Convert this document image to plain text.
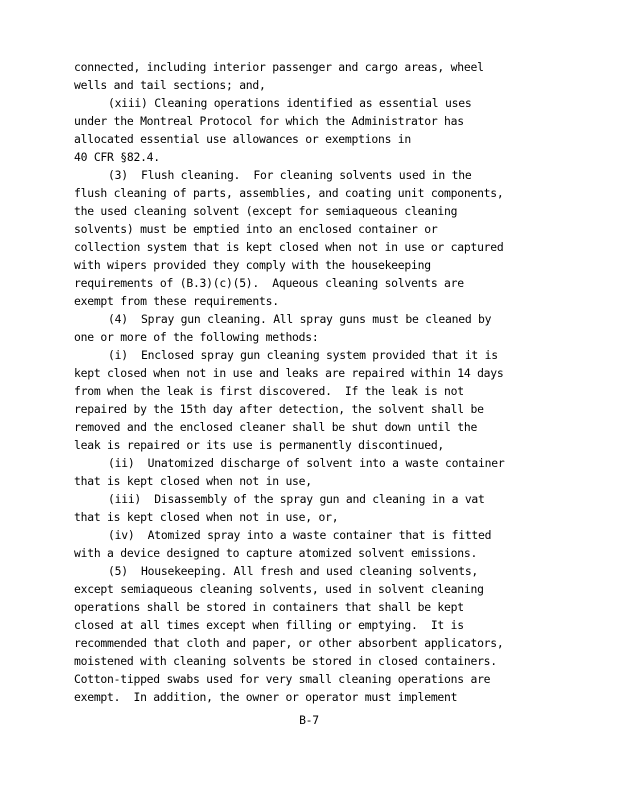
connected, including interior passenger and cargo areas, wheel
wells and tail sections; and,
(xiii) Cleaning operations identified as essential uses
under the Montreal Protocol for which the Administrator has
allocated essential use allowances or exemptions in
40 CFR §82.4.
(3)  Flush cleaning.  For cleaning solvents used in the
flush cleaning of parts, assemblies, and coating unit components,
the used cleaning solvent (except for semiaqueous cleaning
solvents) must be emptied into an enclosed container or
collection system that is kept closed when not in use or captured
with wipers provided they comply with the housekeeping
requirements of (B.3)(c)(5).  Aqueous cleaning solvents are
exempt from these requirements.
(4)  Spray gun cleaning. All spray guns must be cleaned by
one or more of the following methods:
(i)  Enclosed spray gun cleaning system provided that it is
kept closed when not in use and leaks are repaired within 14 days
from when the leak is first discovered.  If the leak is not
repaired by the 15th day after detection, the solvent shall be
removed and the enclosed cleaner shall be shut down until the
leak is repaired or its use is permanently discontinued,
(ii)  Unatomized discharge of solvent into a waste container
that is kept closed when not in use,
(iii)  Disassembly of the spray gun and cleaning in a vat
that is kept closed when not in use, or,
(iv)  Atomized spray into a waste container that is fitted
with a device designed to capture atomized solvent emissions.
(5)  Housekeeping. All fresh and used cleaning solvents,
except semiaqueous cleaning solvents, used in solvent cleaning
operations shall be stored in containers that shall be kept
closed at all times except when filling or emptying.  It is
recommended that cloth and paper, or other absorbent applicators,
moistened with cleaning solvents be stored in closed containers.
Cotton-tipped swabs used for very small cleaning operations are
exempt.  In addition, the owner or operator must implement
B-7
